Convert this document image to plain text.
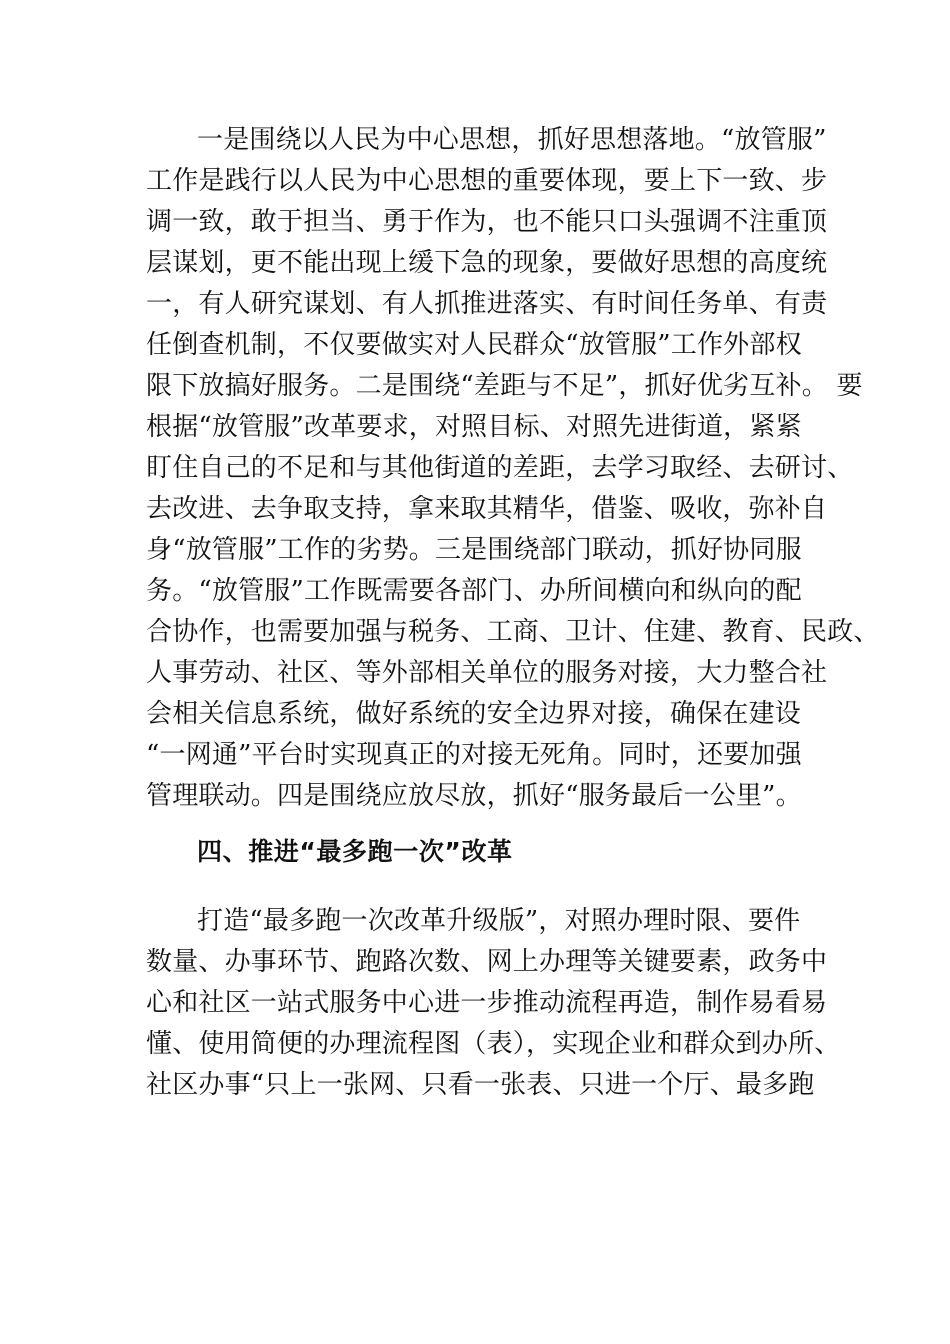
一是围绕以人民为中心思想，抓好思想落地。“放管服”

工作是践行以人民为中心思想的重要体现，要上下一致、步

调一致，敢于担当、勇于作为，也不能只口头强调不注重顶

层谋划，更不能出现上缓下急的现象，要做好思想的高度统

一，有人研究谋划、有人抓推进落实、有时间任务单、有责

任倒查机制，不仅要做实对人民群众“放管服”工作外部权

限下放搞好服务。二是围绕“差距与不足”，抓好优劣互补。 要

根据“放管服”改革要求，对照目标、对照先进街道，紧紧

盯住自己的不足和与其他街道的差距，去学习取经、去研讨、

去改进、去争取支持，拿来取其精华，借鉴、吸收，弥补自

身“放管服”工作的劣势。三是围绕部门联动，抓好协同服

务。“放管服”工作既需要各部门、办所间横向和纵向的配

合协作，也需要加强与税务、工商、卫计、住建、教育、民政、

人事劳动、社区、等外部相关单位的服务对接，大力整合社

会相关信息系统，做好系统的安全边界对接，确保在建设

“一网通”平台时实现真正的对接无死角。同时，还要加强

管理联动。四是围绕应放尽放，抓好“服务最后一公里”。

四、推进“最多跑一次”改革

打造“最多跑一次改革升级版”，对照办理时限、要件

数量、办事环节、跑路次数、网上办理等关键要素，政务中

心和社区一站式服务中心进一步推动流程再造，制作易看易

懂、使用简便的办理流程图（表），实现企业和群众到办所、

社区办事“只上一张网、只看一张表、只进一个厅、最多跑
